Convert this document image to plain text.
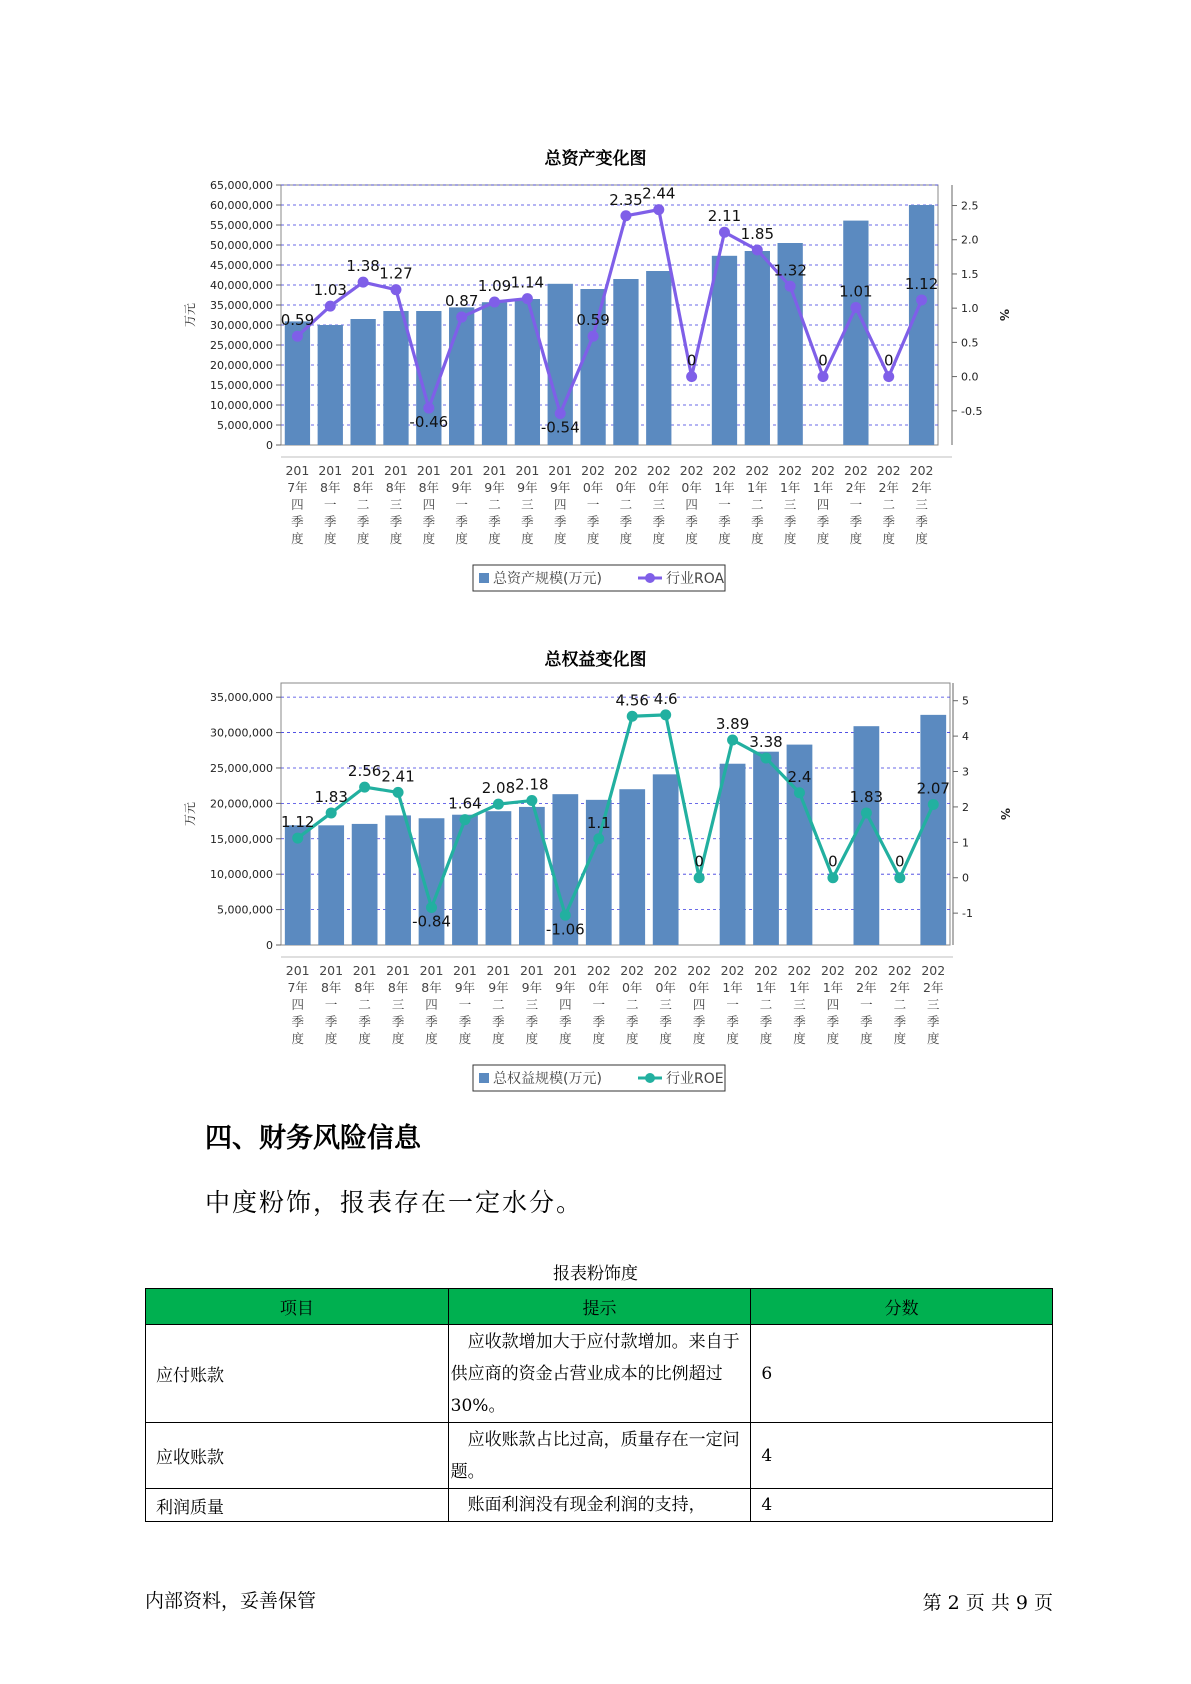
总资产变化图
0
5,000,000
10,000,000
15,000,000
20,000,000
25,000,000
30,000,000
35,000,000
40,000,000
45,000,000
50,000,000
55,000,000
60,000,000
65,000,000
万元
-0.5
0.0
0.5
1.0
1.5
2.0
2.5
%
0.59
1.03
1.38 1.27
-0.46
0.87
1.09 1.14
-0.54
0.59
2.35 2.44
0
2.11
1.85
1.32
0
1.01
0
1.12
201
7年
四
季
度
201
8年
一
季
度
201
8年
二
季
度
201
8年
三
季
度
201
8年
四
季
度
201
9年
一
季
度
201
9年
二
季
度
201
9年
三
季
度
201
9年
四
季
度
202
0年
一
季
度
202
0年
二
季
度
202
0年
三
季
度
202
0年
四
季
度
202
1年
一
季
度
202
1年
二
季
度
202
1年
三
季
度
202
1年
四
季
度
202
2年
一
季
度
202
2年
二
季
度
202
2年
三
季
度
总资产规模(万元)	行业ROA
总权益变化图
0
5,000,000
10,000,000
15,000,000
20,000,000
25,000,000
30,000,000
35,000,000
万元
-1
0
1
2
3
4
5
%
1.12
1.83
2.56 2.41
-0.84
1.64
2.08 2.18
-1.06
1.1
4.56 4.6
0
3.89
3.38
2.4
0
1.83
0
2.07
201
7年
四
季
度
201
8年
一
季
度
201
8年
二
季
度
201
8年
三
季
度
201
8年
四
季
度
201
9年
一
季
度
201
9年
二
季
度
201
9年
三
季
度
201
9年
四
季
度
202
0年
一
季
度
202
0年
二
季
度
202
0年
三
季
度
202
0年
四
季
度
202
1年
一
季
度
202
1年
二
季
度
202
1年
三
季
度
202
1年
四
季
度
202
2年
一
季
度
202
2年
二
季
度
202
2年
三
季
度
总权益规模(万元)	行业ROE
四、财务风险信息
中度粉饰，报表存在一定水分。
报表粉饰度
项目	提示	分数
应付账款	应收款增加大于应付款增加。来自于供应商的资金占营业成本的比例超过30%。	6
应收账款	应收账款占比过高，质量存在一定问题。	4
利润质量	账面利润没有现金利润的支持，	4
内部资料，妥善保管	第 2 页 共 9 页
